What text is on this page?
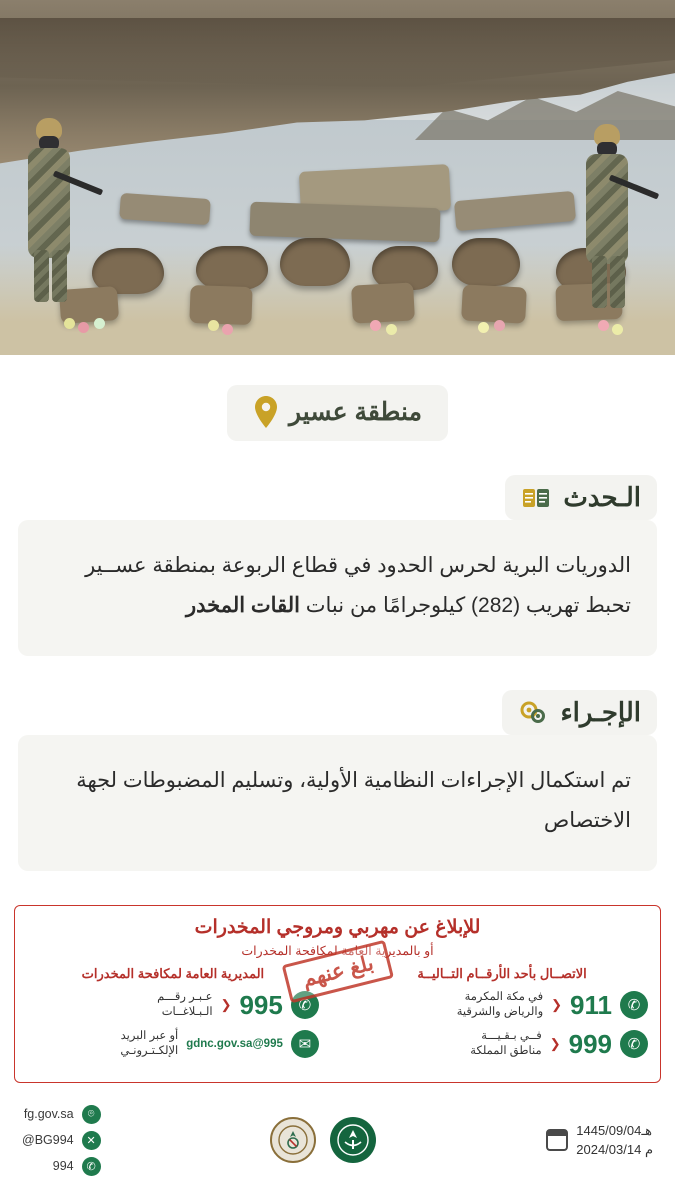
منطقة عسير
الـحدث
الدوريات البرية لحرس الحدود في قطاع الربوعة بمنطقة عســير تحبط تهريب (282) كيلوجرامًا من نبات القات المخدر
الإجـراء
تم استكمال الإجراءات النظامية الأولية، وتسليم المضبوطات لجهة الاختصاص
للإبلاغ عن مهربي ومروجي المخدرات
أو بالمديرية العامة لمكافحة المخدرات
بلغ عنهم	الاتصــال بأحد الأرقــام التــاليــة
✆
911
❮
في مكة المكرمة
والرياض والشرقية
✆
999
❮
فــي بـقـيـــة
مناطق المملكة
المديرية العامة لمكافحة المخدرات
✆
995
❮
عـبـر رقـــم
الـبـلاغــات
✉
995@gdnc.gov.sa
أو عبر البريد
الإلكـتـرونـي
1445/09/04هـ
2024/03/14 م
⌾
fg.gov.sa
✕
@BG994
✆
994
